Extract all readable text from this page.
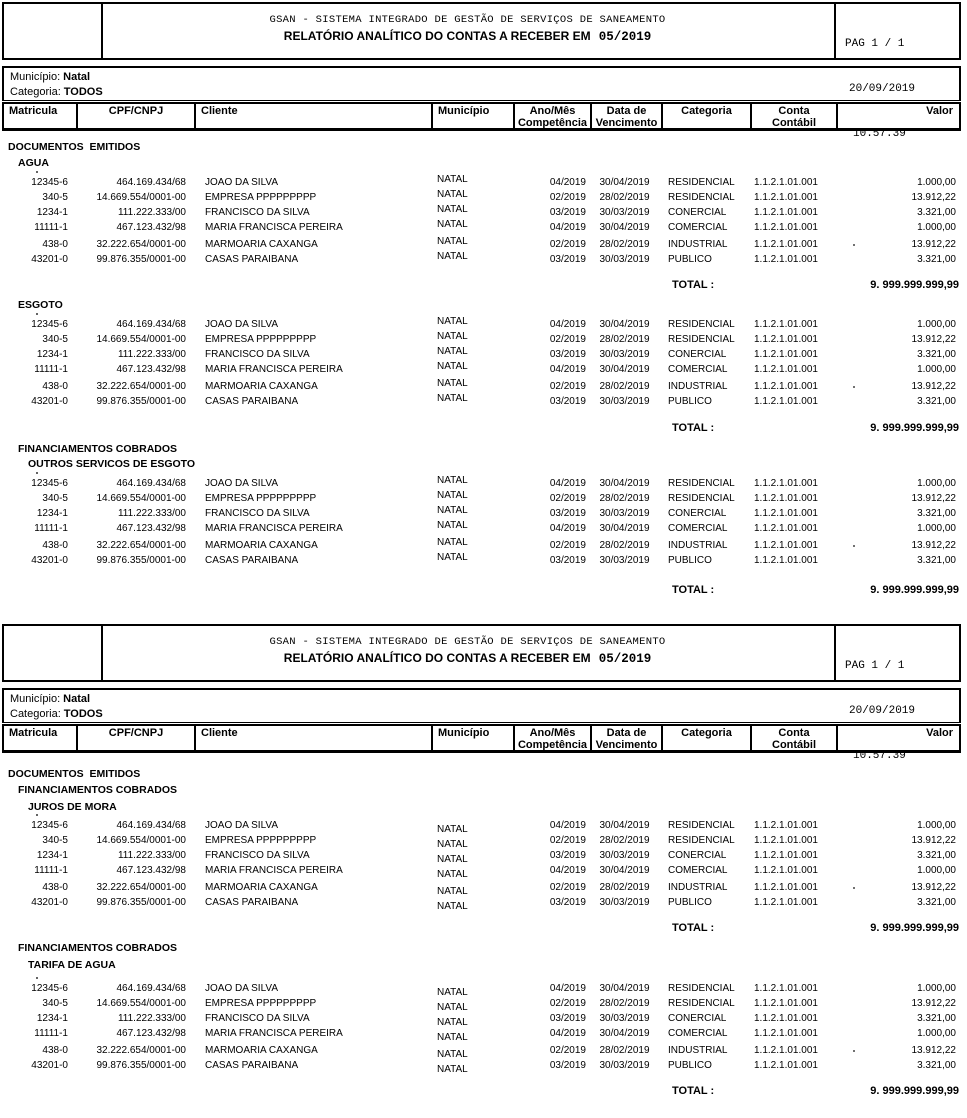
GSAN - SISTEMA INTEGRADO DE GESTÃO DE SERVIÇOS DE SANEAMENTO
RELATÓRIO ANALÍTICO DO CONTAS A RECEBER EM 05/2019

	PAG 1 / 1

20/09/2019

10.57.39

Município: Natal
Categoria: TODOS
Matricula	CPF/CNPJ	Cliente	Município	Ano/Mês
Competência
Data de
Vencimento
Categoria	Conta
Contábil
Valor
DOCUMENTOS  EMITIDOS
AGUA
12345-6	464.169.434/68	JOAO DA SILVA	NATAL	04/2019	30/04/2019	RESIDENCIAL	1.1.2.1.01.001	1.000,00
340-5	14.669.554/0001-00	EMPRESA PPPPPPPPP	NATAL	02/2019	28/02/2019	RESIDENCIAL	1.1.2.1.01.001	13.912,22
1234-1	111.222.333/00	FRANCISCO DA SILVA	NATAL	03/2019	30/03/2019	CONERCIAL	1.1.2.1.01.001	3.321,00
11111-1	467.123.432/98	MARIA FRANCISCA PEREIRA	NATAL	04/2019	30/04/2019	COMERCIAL	1.1.2.1.01.001	1.000,00
438-0	32.222.654/0001-00	MARMOARIA CAXANGA	NATAL	02/2019	28/02/2019	INDUSTRIAL	1.1.2.1.01.001	13.912,22
43201-0	99.876.355/0001-00	CASAS PARAIBANA	NATAL	03/2019	30/03/2019	PUBLICO	1.1.2.1.01.001	3.321,00
TOTAL :	9. 999.999.999,99
ESGOTO
12345-6	464.169.434/68	JOAO DA SILVA	NATAL	04/2019	30/04/2019	RESIDENCIAL	1.1.2.1.01.001	1.000,00
340-5	14.669.554/0001-00	EMPRESA PPPPPPPPP	NATAL	02/2019	28/02/2019	RESIDENCIAL	1.1.2.1.01.001	13.912,22
1234-1	111.222.333/00	FRANCISCO DA SILVA	NATAL	03/2019	30/03/2019	CONERCIAL	1.1.2.1.01.001	3.321,00
11111-1	467.123.432/98	MARIA FRANCISCA PEREIRA	NATAL	04/2019	30/04/2019	COMERCIAL	1.1.2.1.01.001	1.000,00
438-0	32.222.654/0001-00	MARMOARIA CAXANGA	NATAL	02/2019	28/02/2019	INDUSTRIAL	1.1.2.1.01.001	13.912,22
43201-0	99.876.355/0001-00	CASAS PARAIBANA	NATAL	03/2019	30/03/2019	PUBLICO	1.1.2.1.01.001	3.321,00
TOTAL :	9. 999.999.999,99
FINANCIAMENTOS COBRADOS
OUTROS SERVICOS DE ESGOTO
12345-6	464.169.434/68	JOAO DA SILVA	NATAL	04/2019	30/04/2019	RESIDENCIAL	1.1.2.1.01.001	1.000,00
340-5	14.669.554/0001-00	EMPRESA PPPPPPPPP	NATAL	02/2019	28/02/2019	RESIDENCIAL	1.1.2.1.01.001	13.912,22
1234-1	111.222.333/00	FRANCISCO DA SILVA	NATAL	03/2019	30/03/2019	CONERCIAL	1.1.2.1.01.001	3.321,00
11111-1	467.123.432/98	MARIA FRANCISCA PEREIRA	NATAL	04/2019	30/04/2019	COMERCIAL	1.1.2.1.01.001	1.000,00
438-0	32.222.654/0001-00	MARMOARIA CAXANGA	NATAL	02/2019	28/02/2019	INDUSTRIAL	1.1.2.1.01.001	13.912,22
43201-0	99.876.355/0001-00	CASAS PARAIBANA	NATAL	03/2019	30/03/2019	PUBLICO	1.1.2.1.01.001	3.321,00
TOTAL :	9. 999.999.999,99
GSAN - SISTEMA INTEGRADO DE GESTÃO DE SERVIÇOS DE SANEAMENTO
RELATÓRIO ANALÍTICO DO CONTAS A RECEBER EM 05/2019

	PAG 1 / 1

20/09/2019

10.57.39

Município: Natal
Categoria: TODOS
Matricula	CPF/CNPJ	Cliente	Município	Ano/Mês
Competência
Data de
Vencimento
Categoria	Conta
Contábil
Valor
DOCUMENTOS  EMITIDOS
FINANCIAMENTOS COBRADOS
JUROS DE MORA
12345-6	464.169.434/68	JOAO DA SILVA	NATAL	04/2019	30/04/2019	RESIDENCIAL	1.1.2.1.01.001	1.000,00
340-5	14.669.554/0001-00	EMPRESA PPPPPPPPP	NATAL	02/2019	28/02/2019	RESIDENCIAL	1.1.2.1.01.001	13.912,22
1234-1	111.222.333/00	FRANCISCO DA SILVA	NATAL	03/2019	30/03/2019	CONERCIAL	1.1.2.1.01.001	3.321,00
11111-1	467.123.432/98	MARIA FRANCISCA PEREIRA	NATAL	04/2019	30/04/2019	COMERCIAL	1.1.2.1.01.001	1.000,00
438-0	32.222.654/0001-00	MARMOARIA CAXANGA	NATAL	02/2019	28/02/2019	INDUSTRIAL	1.1.2.1.01.001	13.912,22
43201-0	99.876.355/0001-00	CASAS PARAIBANA	NATAL	03/2019	30/03/2019	PUBLICO	1.1.2.1.01.001	3.321,00
TOTAL :	9. 999.999.999,99
FINANCIAMENTOS COBRADOS
TARIFA DE AGUA
12345-6	464.169.434/68	JOAO DA SILVA	NATAL	04/2019	30/04/2019	RESIDENCIAL	1.1.2.1.01.001	1.000,00
340-5	14.669.554/0001-00	EMPRESA PPPPPPPPP	NATAL	02/2019	28/02/2019	RESIDENCIAL	1.1.2.1.01.001	13.912,22
1234-1	111.222.333/00	FRANCISCO DA SILVA	NATAL	03/2019	30/03/2019	CONERCIAL	1.1.2.1.01.001	3.321,00
11111-1	467.123.432/98	MARIA FRANCISCA PEREIRA	NATAL	04/2019	30/04/2019	COMERCIAL	1.1.2.1.01.001	1.000,00
438-0	32.222.654/0001-00	MARMOARIA CAXANGA	NATAL	02/2019	28/02/2019	INDUSTRIAL	1.1.2.1.01.001	13.912,22
43201-0	99.876.355/0001-00	CASAS PARAIBANA	NATAL	03/2019	30/03/2019	PUBLICO	1.1.2.1.01.001	3.321,00
TOTAL :	9. 999.999.999,99
